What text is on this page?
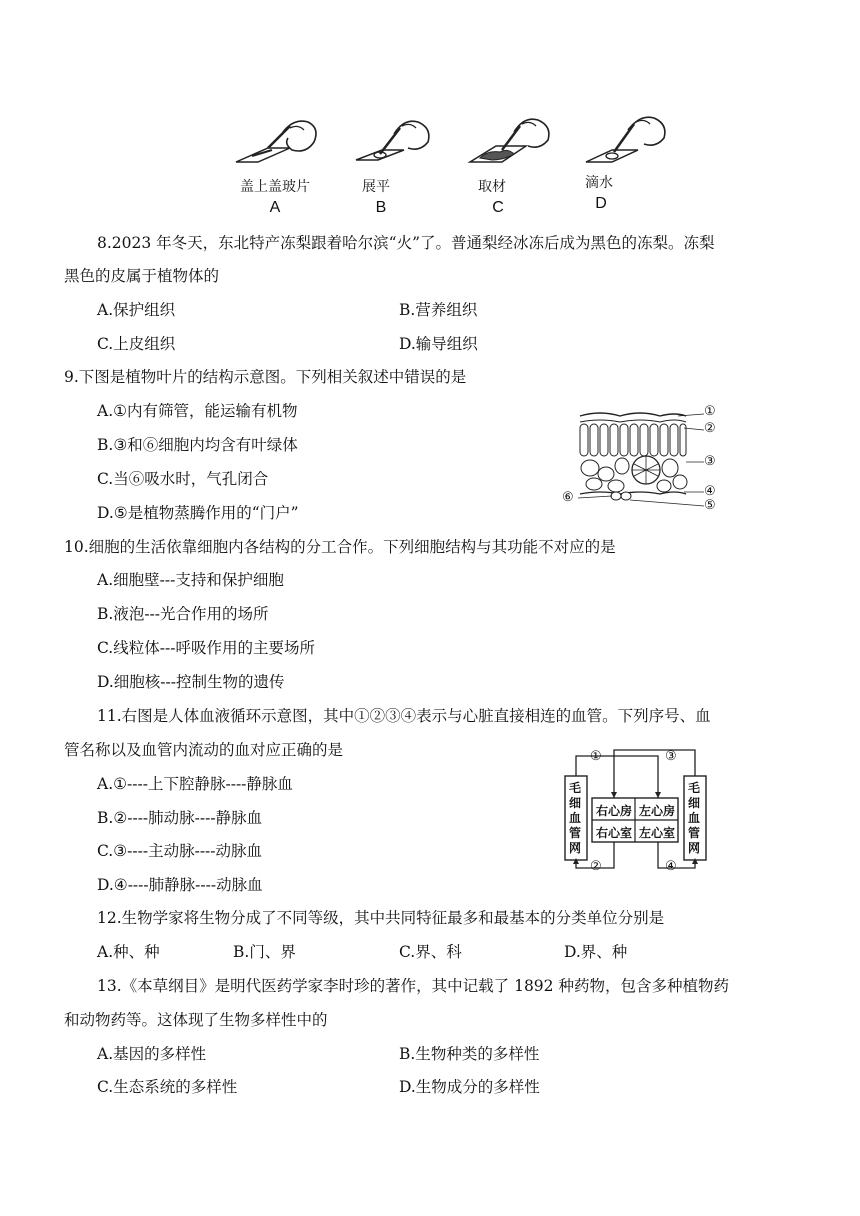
盖上盖玻片
A
展平
B
取材
C
滴水
D
8.2023 年冬天，东北特产冻梨跟着哈尔滨“火”了。普通梨经冰冻后成为黑色的冻梨。冻梨
黑色的皮属于植物体的
A.保护组织	B.营养组织
C.上皮组织	D.输导组织
9.下图是植物叶片的结构示意图。下列相关叙述中错误的是
A.①内有筛管，能运输有机物
B.③和⑥细胞内均含有叶绿体
C.当⑥吸水时，气孔闭合
D.⑤是植物蒸腾作用的“门户”
①
②
③
④
⑤
⑥
10.细胞的生活依靠细胞内各结构的分工合作。下列细胞结构与其功能不对应的是
A.细胞壁---支持和保护细胞
B.液泡---光合作用的场所
C.线粒体---呼吸作用的主要场所
D.细胞核---控制生物的遗传
11.右图是人体血液循环示意图，其中①②③④表示与心脏直接相连的血管。下列序号、血
管名称以及血管内流动的血对应正确的是
A.①----上下腔静脉----静脉血
B.②----肺动脉----静脉血
C.③----主动脉----动脉血
D.④----肺静脉----动脉血
毛
细
血
管
网
毛
细
血
管
网
右心房 左心房
右心室 左心室
①	③
②	④
12.生物学家将生物分成了不同等级，其中共同特征最多和最基本的分类单位分别是
A.种、种	B.门、界	C.界、科	D.界、种
13.《本草纲目》是明代医药学家李时珍的著作，其中记载了 1892 种药物，包含多种植物药
和动物药等。这体现了生物多样性中的
A.基因的多样性	B.生物种类的多样性
C.生态系统的多样性	D.生物成分的多样性
